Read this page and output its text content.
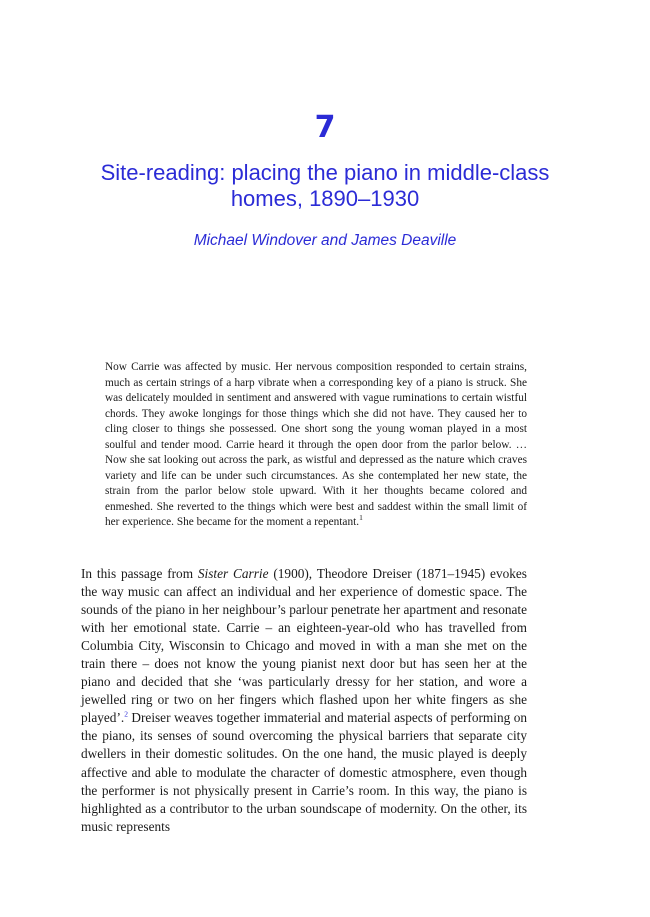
7
Site-reading: placing the piano in middle-class
homes, 1890–1930
Michael Windover and James Deaville

Now Carrie was affected by music. Her nervous composition responded to certain strains, much as certain strings of a harp vibrate when a corresponding key of a piano is struck. She was delicately moulded in sentiment and answered with vague ruminations to certain wistful chords. They awoke longings for those things which she did not have. They caused her to cling closer to things she possessed. One short song the young woman played in a most soulful and tender mood. Carrie heard it through the open door from the parlor below. … Now she sat looking out across the park, as wistful and depressed as the nature which craves variety and life can be under such circumstances. As she contemplated her new state, the strain from the parlor below stole upward. With it her thoughts became colored and enmeshed. She reverted to the things which were best and saddest within the small limit of her experience. She became for the moment a repentant.$^1$

In this passage from Sister Carrie (1900), Theodore Dreiser (1871–1945) evokes the way music can affect an individual and her experience of domestic space. The sounds of the piano in her neighbour’s parlour penetrate her apartment and resonate with her emotional state. Carrie – an eighteen-year-old who has travelled from Columbia City, Wisconsin to Chicago and moved in with a man she met on the train there – does not know the young pianist next door but has seen her at the piano and decided that she ‘was particularly dressy for her station, and wore a jewelled ring or two on her fingers which flashed upon her white fingers as she played’.$^2$ Dreiser weaves together immaterial and material aspects of performing on the piano, its senses of sound overcoming the physical barriers that separate city dwellers in their domestic solitudes. On the one hand, the music played is deeply affective and able to modulate the character of domestic atmosphere, even though the performer is not physically present in Carrie’s room. In this way, the piano is highlighted as a contributor to the urban soundscape of modernity. On the other, its music represents
